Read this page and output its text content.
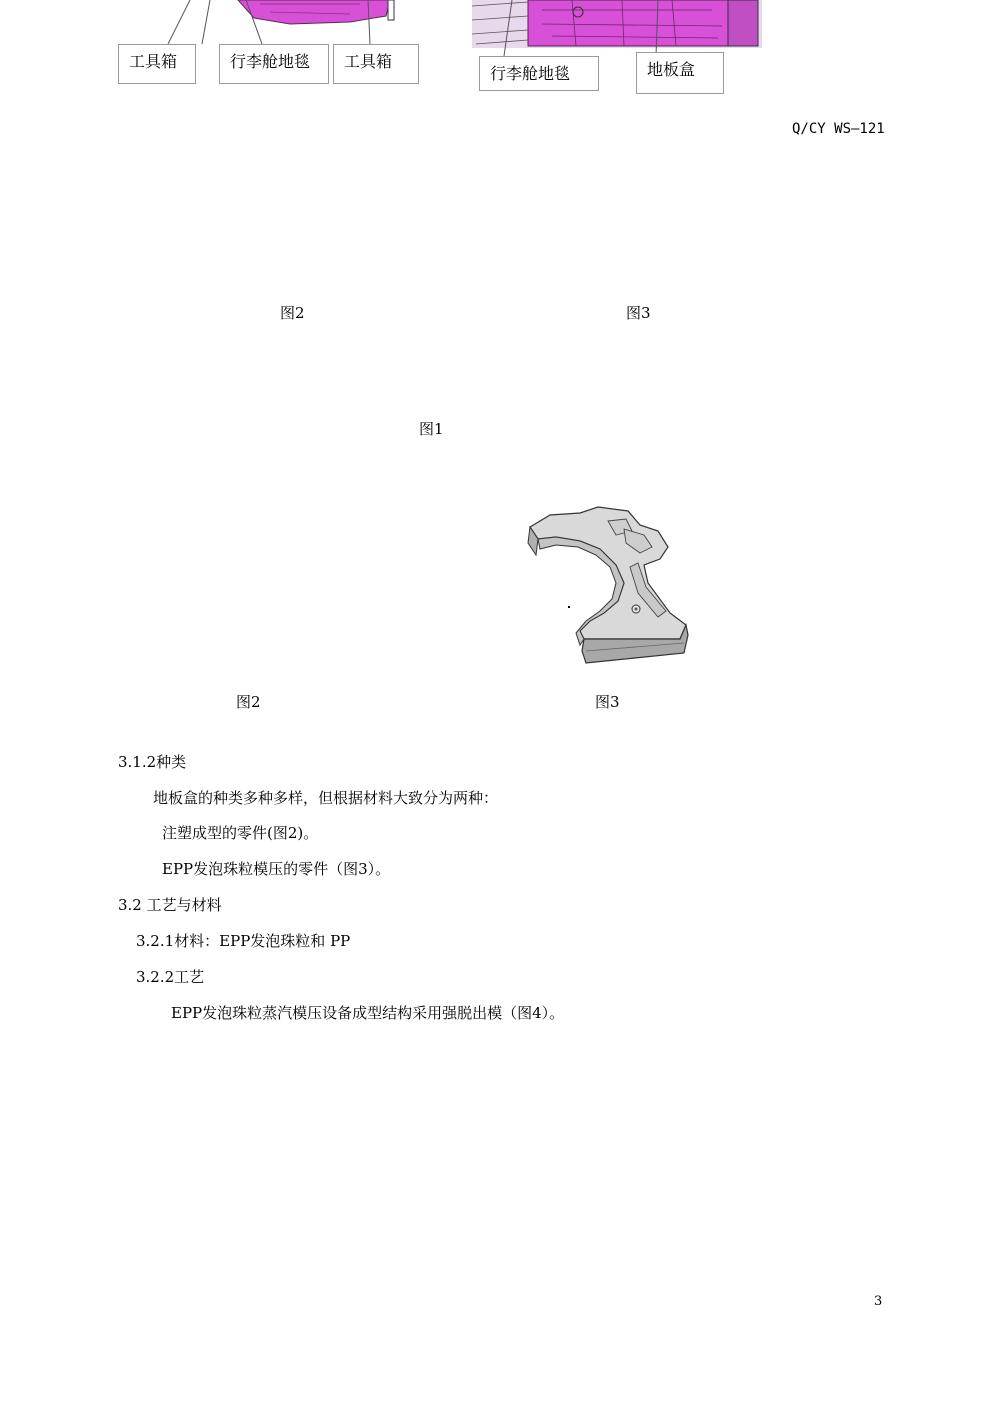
工具箱	行李舱地毯	工具箱
行李舱地毯	地板盒
Q/CY WS—121
图2	图3
图1
图2	图3
3.1.2种类
地板盒的种类多种多样，但根据材料大致分为两种：
注塑成型的零件(图2)。
EPP发泡珠粒模压的零件（图3）。
3.2 工艺与材料
3.2.1材料：EPP发泡珠粒和 PP
3.2.2工艺
EPP发泡珠粒蒸汽模压设备成型结构采用强脱出模（图4）。
3
